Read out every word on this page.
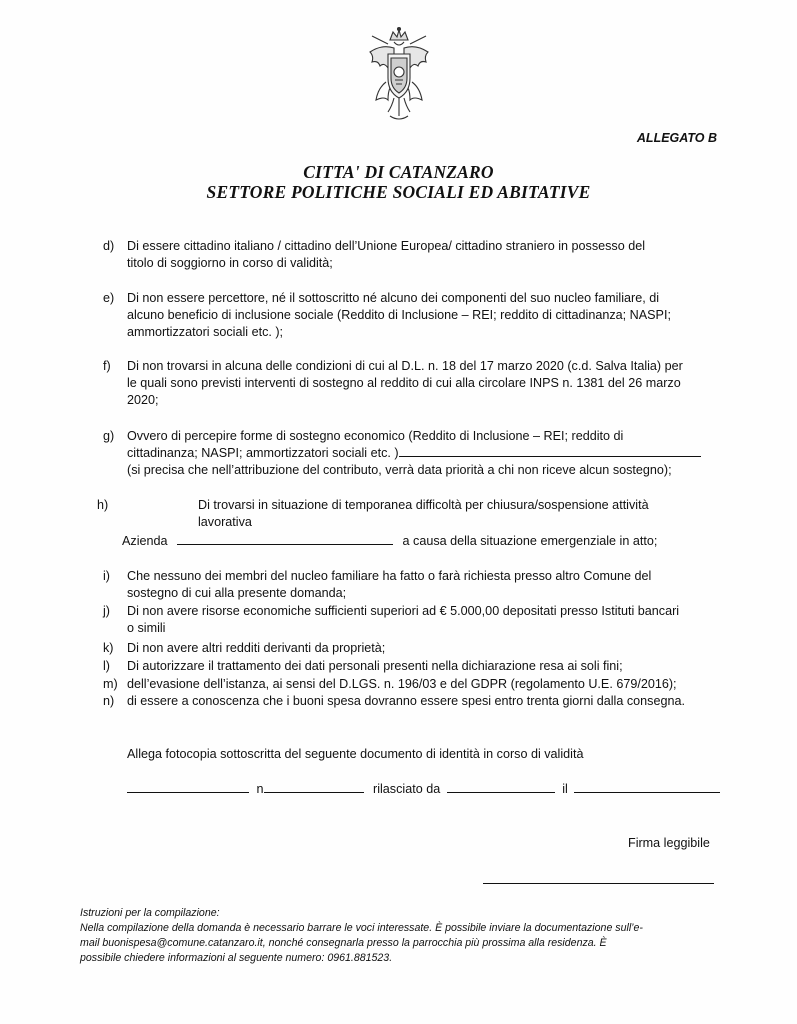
ALLEGATO B
CITTA' DI CATANZARO
SETTORE POLITICHE SOCIALI ED ABITATIVE
d)	Di essere cittadino italiano / cittadino dell’Unione Europea/ cittadino straniero in possesso del
titolo di soggiorno in corso di validità;
e)	Di non essere percettore, né il sottoscritto né alcuno dei componenti del suo nucleo familiare, di
alcuno beneficio di inclusione sociale (Reddito di Inclusione – REI; reddito di cittadinanza; NASPI;
ammortizzatori sociali etc. );
f)	Di non trovarsi in alcuna delle condizioni di cui al D.L. n. 18 del 17 marzo 2020 (c.d. Salva Italia) per
le quali sono previsti interventi di sostegno al reddito di cui alla circolare INPS n. 1381 del 26 marzo
2020;
g)	Ovvero di percepire forme di sostegno economico (Reddito di Inclusione – REI; reddito di
cittadinanza; NASPI; ammortizzatori sociali etc. )
(si precisa che nell’attribuzione del contributo, verrà data priorità a chi non riceve alcun sostegno);
h)	Di trovarsi in situazione di temporanea difficoltà per chiusura/sospensione attività
lavorativa
Azienda	a causa della situazione emergenziale in atto;
i)	Che nessuno dei membri del nucleo familiare ha fatto o farà richiesta presso altro Comune del
sostegno di cui alla presente domanda;
j)	Di non avere risorse economiche sufficienti superiori ad € 5.000,00 depositati presso Istituti bancari
o simili
k)	Di non avere altri redditi derivanti da proprietà;
l)	Di autorizzare il trattamento dei dati personali presenti nella dichiarazione resa ai soli fini;
m) dell’evasione dell’istanza, ai sensi del D.LGS. n. 196/03 e del GDPR (regolamento U.E. 679/2016);
n)	di essere a conoscenza che i buoni spesa dovranno essere spesi entro trenta giorni dalla consegna.
Allega fotocopia sottoscritta del seguente documento di identità in corso di validità
n	rilasciato da	il
Firma leggibile
Istruzioni per la compilazione:
Nella compilazione della domanda è necessario barrare le voci interessate. È possibile inviare la documentazione sull’e-
mail buonispesa@comune.catanzaro.it, nonché consegnarla presso la parrocchia più prossima alla residenza. È
possibile chiedere informazioni al seguente numero: 0961.881523.
